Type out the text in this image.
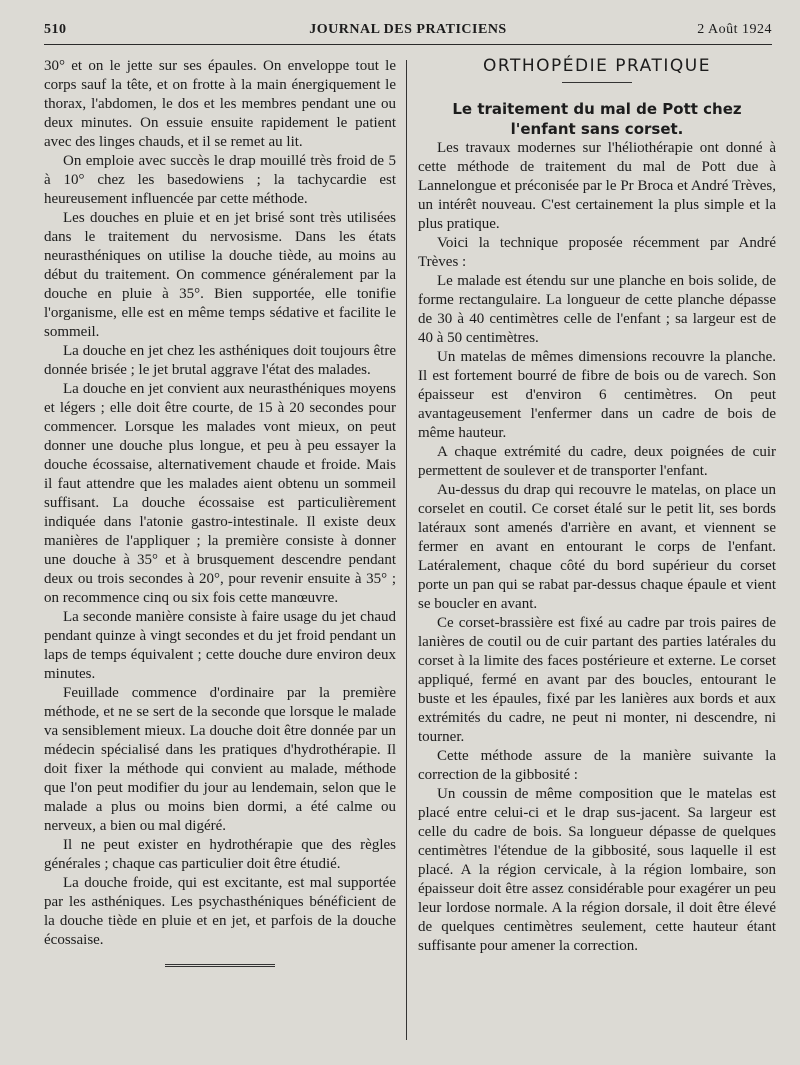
510	JOURNAL DES PRATICIENS	2 Août 1924

30° et on le jette sur ses épaules. On enveloppe tout le corps sauf la tête, et on frotte à la main énergiquement le thorax, l'abdomen, le dos et les membres pendant une ou deux minutes. On essuie ensuite rapidement le patient avec des linges chauds, et il se remet au lit.

On emploie avec succès le drap mouillé très froid de 5 à 10° chez les basedowiens ; la tachycardie est heureusement influencée par cette méthode.

Les douches en pluie et en jet brisé sont très utilisées dans le traitement du nervosisme. Dans les états neurasthéniques on utilise la douche tiède, au moins au début du traitement. On commence généralement par la douche en pluie à 35°. Bien supportée, elle tonifie l'organisme, elle est en même temps sédative et facilite le sommeil.

La douche en jet chez les asthéniques doit toujours être donnée brisée ; le jet brutal aggrave l'état des malades.

La douche en jet convient aux neurasthéniques moyens et légers ; elle doit être courte, de 15 à 20 secondes pour commencer. Lorsque les malades vont mieux, on peut donner une douche plus longue, et peu à peu essayer la douche écossaise, alternativement chaude et froide. Mais il faut attendre que les malades aient obtenu un sommeil suffisant. La douche écossaise est particulièrement indiquée dans l'atonie gastro-intestinale. Il existe deux manières de l'appliquer ; la première consiste à donner une douche à 35° et à brusquement descendre pendant deux ou trois secondes à 20°, pour revenir ensuite à 35° ; on recommence cinq ou six fois cette manœuvre.

La seconde manière consiste à faire usage du jet chaud pendant quinze à vingt secondes et du jet froid pendant un laps de temps équivalent ; cette douche dure environ deux minutes.

Feuillade commence d'ordinaire par la première méthode, et ne se sert de la seconde que lorsque le malade va sensiblement mieux. La douche doit être donnée par un médecin spécialisé dans les pratiques d'hydrothérapie. Il doit fixer la méthode qui convient au malade, méthode que l'on peut modifier du jour au lendemain, selon que le malade a plus ou moins bien dormi, a été calme ou nerveux, a bien ou mal digéré.

Il ne peut exister en hydrothérapie que des règles générales ; chaque cas particulier doit être étudié.

La douche froide, qui est excitante, est mal supportée par les asthéniques. Les psychasthéniques bénéficient de la douche tiède en pluie et en jet, et parfois de la douche écossaise.

ORTHOPÉDIE PRATIQUE

Le traitement du mal de Pott chez l'enfant sans corset.

Les travaux modernes sur l'héliothérapie ont donné à cette méthode de traitement du mal de Pott due à Lannelongue et préconisée par le Pr Broca et André Trèves, un intérêt nouveau. C'est certainement la plus simple et la plus pratique.

Voici la technique proposée récemment par André Trèves :

Le malade est étendu sur une planche en bois solide, de forme rectangulaire. La longueur de cette planche dépasse de 30 à 40 centimètres celle de l'enfant ; sa largeur est de 40 à 50 centimètres.

Un matelas de mêmes dimensions recouvre la planche. Il est fortement bourré de fibre de bois ou de varech. Son épaisseur est d'environ 6 centimètres. On peut avantageusement l'enfermer dans un cadre de bois de même hauteur.

A chaque extrémité du cadre, deux poignées de cuir permettent de soulever et de transporter l'enfant.

Au-dessus du drap qui recouvre le matelas, on place un corselet en coutil. Ce corset étalé sur le petit lit, ses bords latéraux sont amenés d'arrière en avant, et viennent se fermer en avant en entourant le corps de l'enfant. Latéralement, chaque côté du bord supérieur du corset porte un pan qui se rabat par-dessus chaque épaule et vient se boucler en avant.

Ce corset-brassière est fixé au cadre par trois paires de lanières de coutil ou de cuir partant des parties latérales du corset à la limite des faces postérieure et externe. Le corset appliqué, fermé en avant par des boucles, entourant le buste et les épaules, fixé par les lanières aux bords et aux extrémités du cadre, ne peut ni monter, ni descendre, ni tourner.

Cette méthode assure de la manière suivante la correction de la gibbosité :

Un coussin de même composition que le matelas est placé entre celui-ci et le drap sus-jacent. Sa largeur est celle du cadre de bois. Sa longueur dépasse de quelques centimètres l'étendue de la gibbosité, sous laquelle il est placé. A la région cervicale, à la région lombaire, son épaisseur doit être assez considérable pour exagérer un peu leur lordose normale. A la région dorsale, il doit être élevé de quelques centimètres seulement, cette hauteur étant suffisante pour amener la correction.
